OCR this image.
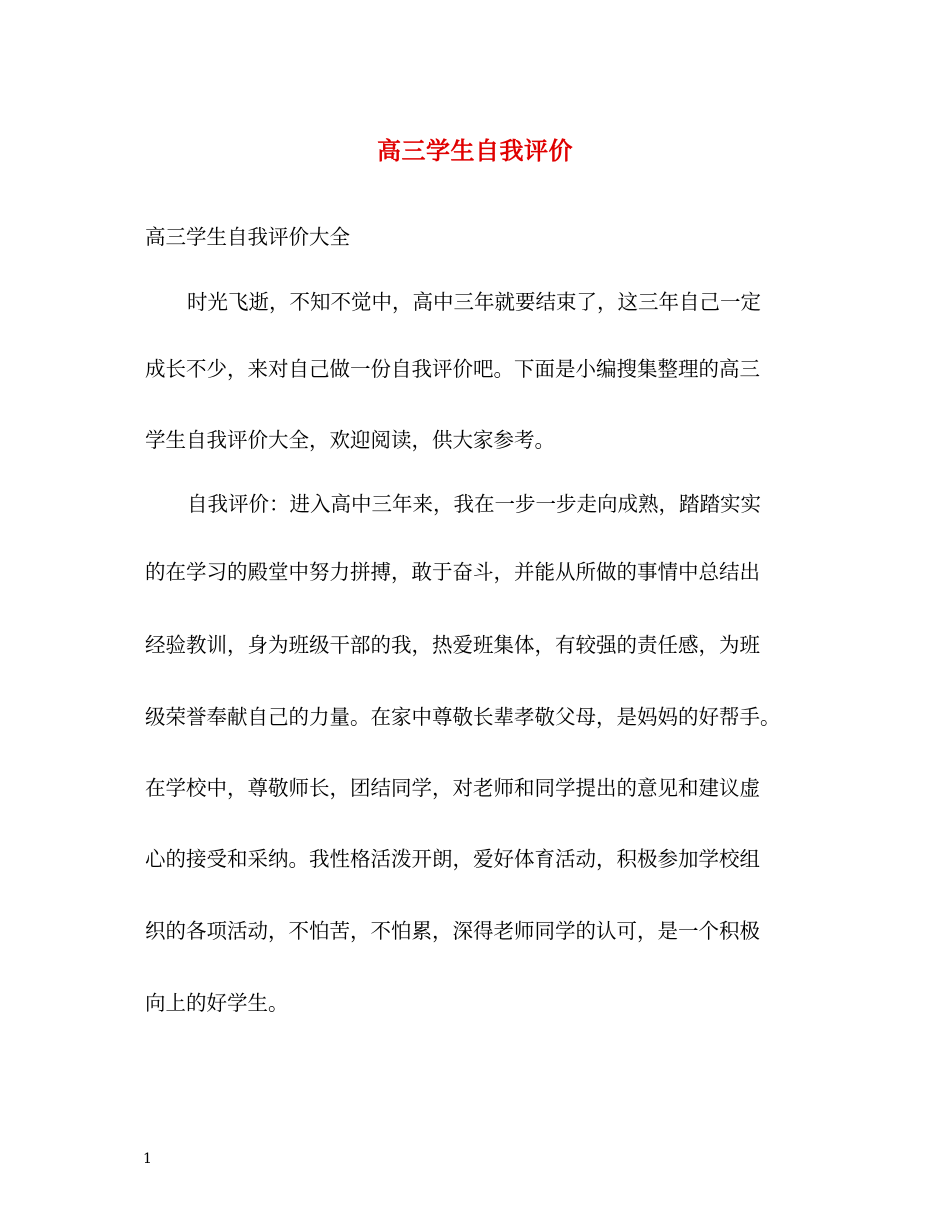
高三学生自我评价
高三学生自我评价大全
时光飞逝，不知不觉中，高中三年就要结束了，这三年自己一定
成长不少，来对自己做一份自我评价吧。下面是小编搜集整理的高三
学生自我评价大全，欢迎阅读，供大家参考。
自我评价：进入高中三年来，我在一步一步走向成熟，踏踏实实
的在学习的殿堂中努力拼搏，敢于奋斗，并能从所做的事情中总结出
经验教训，身为班级干部的我，热爱班集体，有较强的责任感，为班
级荣誉奉献自己的力量。在家中尊敬长辈孝敬父母，是妈妈的好帮手。
在学校中，尊敬师长，团结同学，对老师和同学提出的意见和建议虚
心的接受和采纳。我性格活泼开朗，爱好体育活动，积极参加学校组
织的各项活动，不怕苦，不怕累，深得老师同学的认可，是一个积极
向上的好学生。
1
